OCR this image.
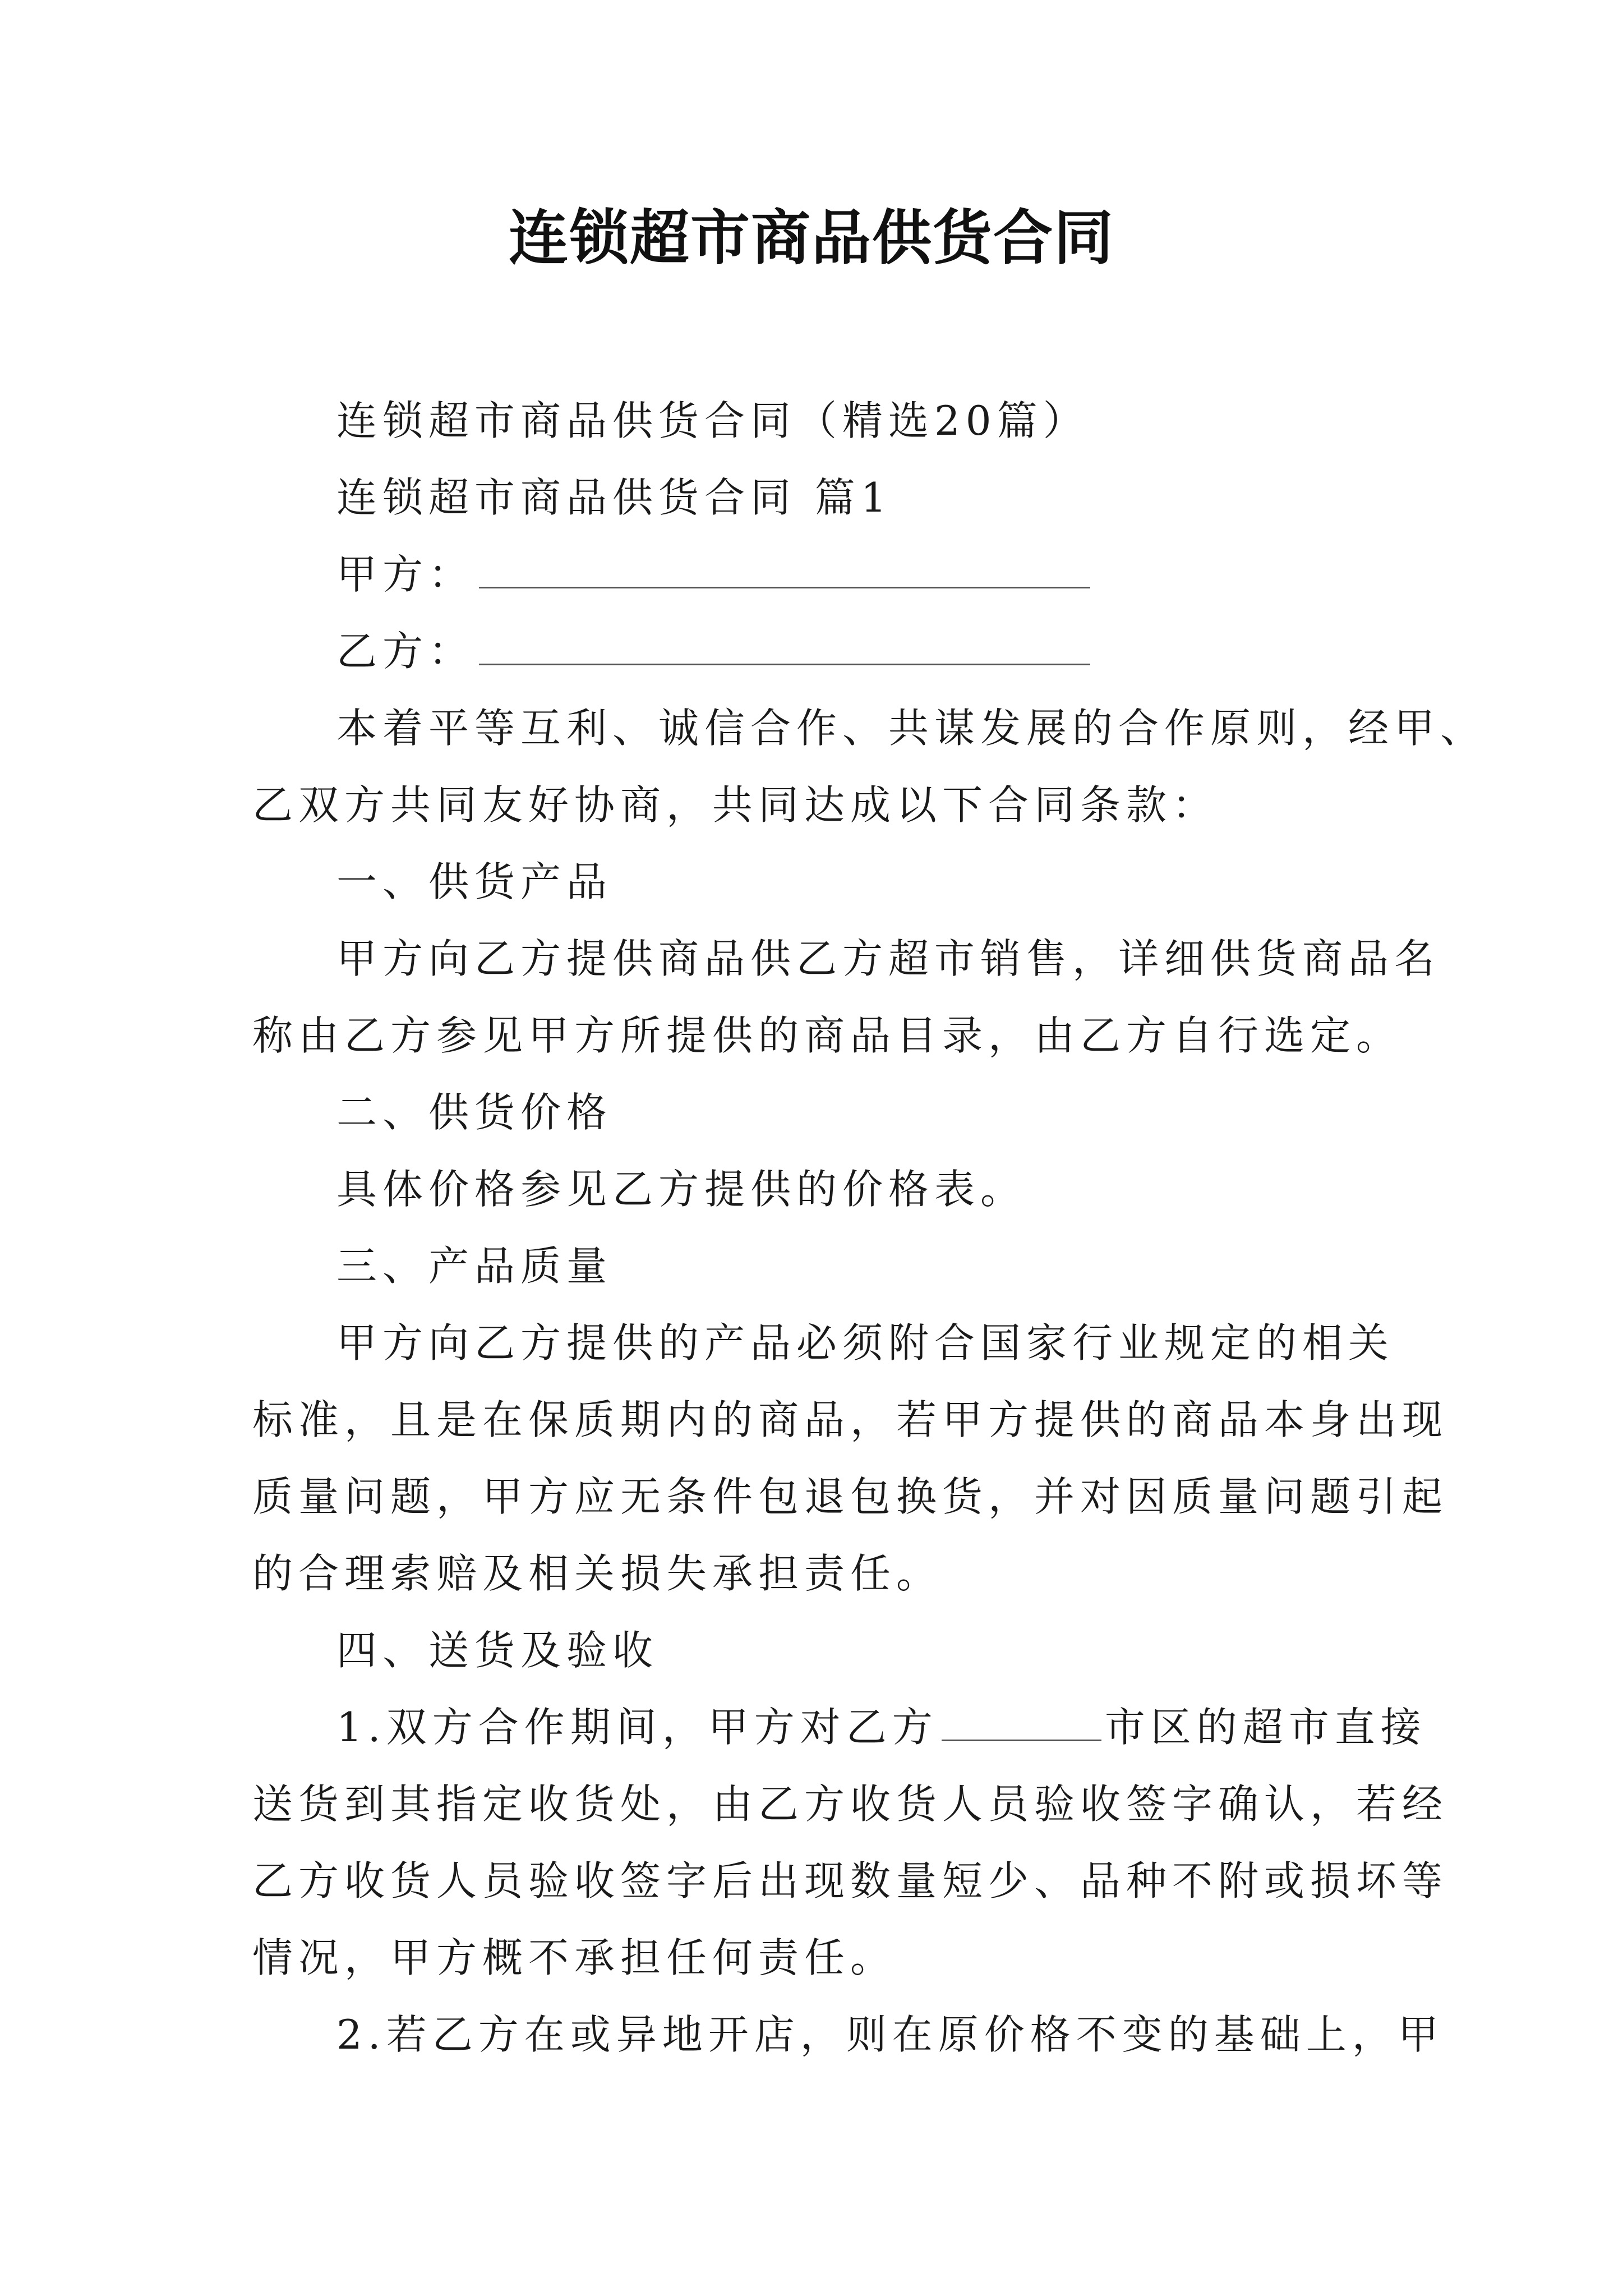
连锁超市商品供货合同
连锁超市商品供货合同（精选20篇）
连锁超市商品供货合同 篇1
甲方：
乙方：
本着平等互利、诚信合作、共谋发展的合作原则，经甲、
乙双方共同友好协商，共同达成以下合同条款：
一、供货产品
甲方向乙方提供商品供乙方超市销售，详细供货商品名
称由乙方参见甲方所提供的商品目录，由乙方自行选定。
二、供货价格
具体价格参见乙方提供的价格表。
三、产品质量
甲方向乙方提供的产品必须附合国家行业规定的相关
标准，且是在保质期内的商品，若甲方提供的商品本身出现
质量问题，甲方应无条件包退包换货，并对因质量问题引起
的合理索赔及相关损失承担责任。
四、送货及验收
1.双方合作期间，甲方对乙方	市区的超市直接
送货到其指定收货处，由乙方收货人员验收签字确认，若经
乙方收货人员验收签字后出现数量短少、品种不附或损坏等
情况，甲方概不承担任何责任。
2.若乙方在或异地开店，则在原价格不变的基础上，甲
